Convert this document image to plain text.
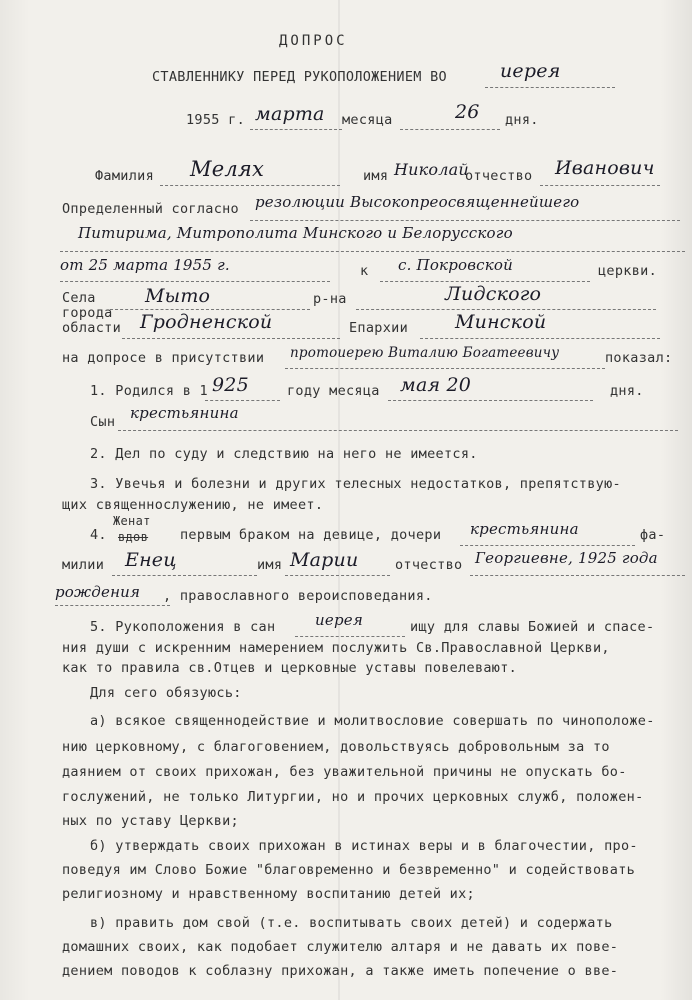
ДОПРОС
СТАВЛЕННИКУ ПЕРЕД РУКОПОЛОЖЕНИЕМ ВО	иерея
1955 г. марта месяца	26 дня.
Фамилия Мелях	имя Николай
отчество Иванович
Определенный согласно резолюции Высокопреосвященнейшего
Питирима, Митрополита Минского и Белорусского
от 25 марта 1955 г.	к с. Покровской	церкви.
Села
города
Мыто	р-на	Лидского
области Гродненской	Епархии Минской
на допросе в присутствии протоиерею Виталию Богатеевичу	показал:
1. Родился в 1 925	году месяца мая 20	дня.
Сын крестьянина
2. Дел по суду и следствию на него не имеется.
3. Увечья и болезни и других телесных недостатков, препятствую-
щих священнослужению, не имеет.
Женат
4. вдов первым браком на девице, дочери крестьянина	фа-
милии Енец	имя Марии	отчество Георгиевне, 1925 года
рождения , православного вероисповедания.
5. Рукоположения в сан	иерея	ищу для славы Божией и спасе-
ния души с искренним намерением послужить Св.Православной Церкви,
как то правила св.Отцев и церковные уставы повелевают.
Для сего обязуюсь:
а) всякое священнодействие и молитвословие совершать по чиноположе-
нию церковному, с благоговением, довольствуясь добровольным за то
даянием от своих прихожан, без уважительной причины не опускать бо-
гослужений, не только Литургии, но и прочих церковных служб, положен-
ных по уставу Церкви;
б) утверждать своих прихожан в истинах веры и в благочестии, про-
поведуя им Слово Божие "благовременно и безвременно" и содействовать
религиозному и нравственному воспитанию детей их;
в) править дом свой (т.е. воспитывать своих детей) и содержать
домашних своих, как подобает служителю алтаря и не давать их пове-
дением поводов к соблазну прихожан, а также иметь попечение о вве-
